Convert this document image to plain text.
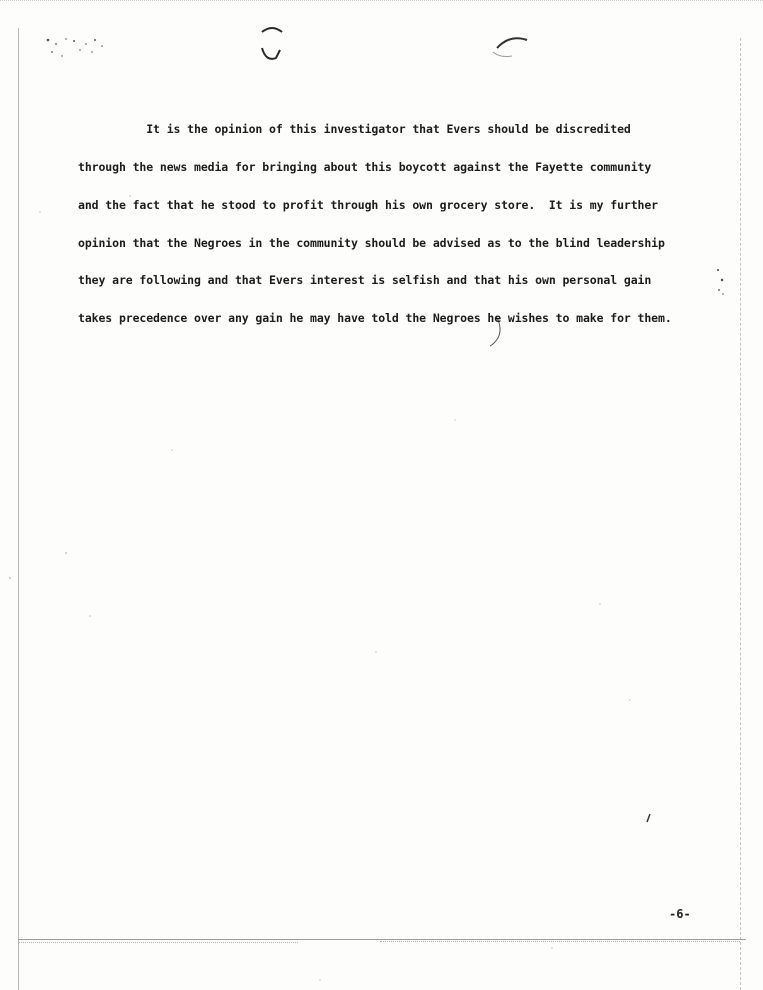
It is the opinion of this investigator that Evers should be discredited

through the news media for bringing about this boycott against the Fayette community

and the fact that he stood to profit through his own grocery store.  It is my further

opinion that the Negroes in the community should be advised as to the blind leadership

they are following and that Evers interest is selfish and that his own personal gain

takes precedence over any gain he may have told the Negroes he wishes to make for them.

-6-
